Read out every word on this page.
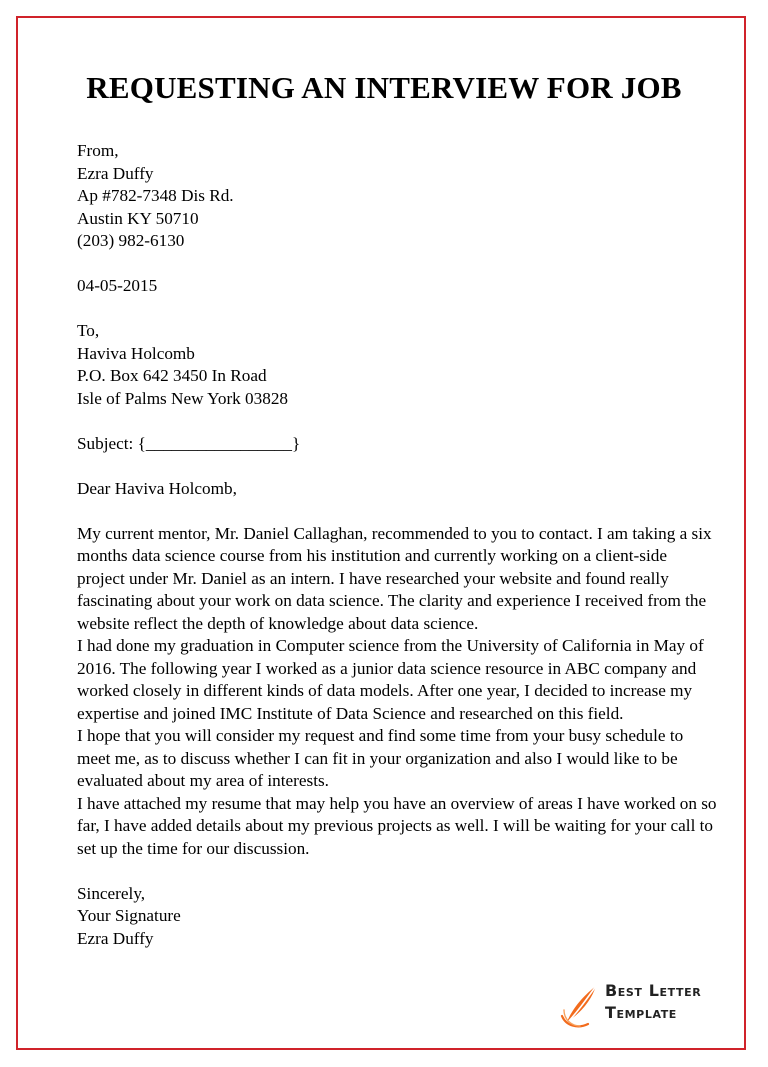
REQUESTING AN INTERVIEW FOR JOB
From,
Ezra Duffy
Ap #782-7348 Dis Rd.
Austin KY 50710
(203) 982-6130
04-05-2015
To,
Haviva Holcomb
P.O. Box 642 3450 In Road
Isle of Palms New York 03828
Subject: {_________________}
Dear Haviva Holcomb,
My current mentor, Mr. Daniel Callaghan, recommended to you to contact. I am taking a six months data science course from his institution and currently working on a client-side project under Mr. Daniel as an intern. I have researched your website and found really fascinating about your work on data science. The clarity and experience I received from the website reflect the depth of knowledge about data science.
I had done my graduation in Computer science from the University of California in May of 2016. The following year I worked as a junior data science resource in ABC company and worked closely in different kinds of data models. After one year, I decided to increase my expertise and joined IMC Institute of Data Science and researched on this field.
I hope that you will consider my request and find some time from your busy schedule to meet me, as to discuss whether I can fit in your organization and also I would like to be evaluated about my area of interests.
I have attached my resume that may help you have an overview of areas I have worked on so far, I have added details about my previous projects as well. I will be waiting for your call to set up the time for our discussion.
Sincerely,
Your Signature
Ezra Duffy
Best Letter
Template
